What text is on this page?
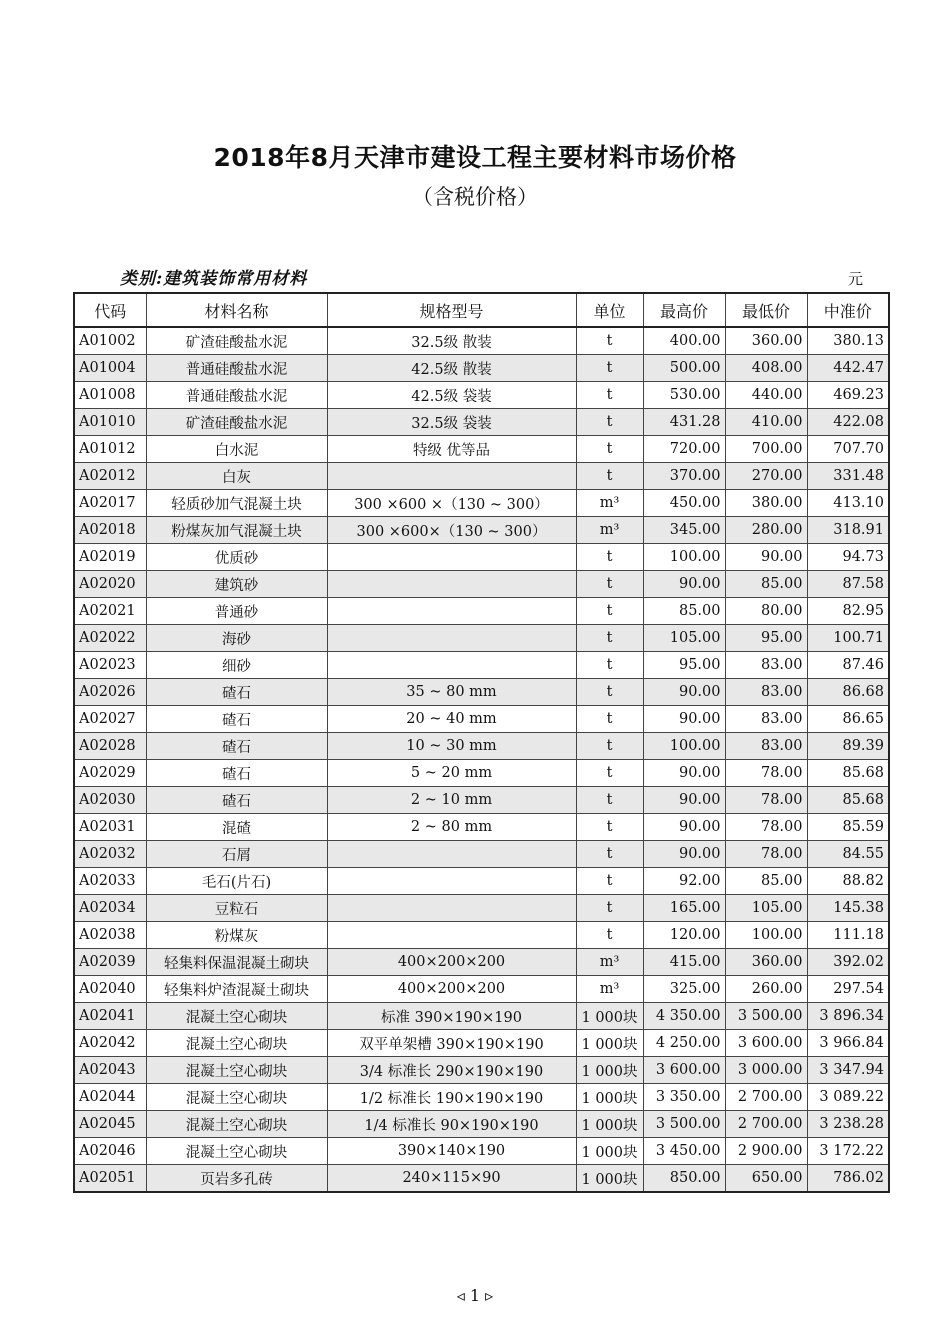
2018年8月天津市建设工程主要材料市场价格
（含税价格）
类别:建筑装饰常用材料	元
代码	材料名称	规格型号	单位	最高价	最低价	中准价
A01002	矿渣硅酸盐水泥	32.5级 散装	t	400.00	360.00	380.13
A01004	普通硅酸盐水泥	42.5级 散装	t	500.00	408.00	442.47
A01008	普通硅酸盐水泥	42.5级 袋装	t	530.00	440.00	469.23
A01010	矿渣硅酸盐水泥	32.5级 袋装	t	431.28	410.00	422.08
A01012	白水泥	特级 优等品	t	720.00	700.00	707.70
A02012	白灰		t	370.00	270.00	331.48
A02017	轻质砂加气混凝土块	300 ×600 ×（130 ~ 300）	m³	450.00	380.00	413.10
A02018	粉煤灰加气混凝土块	300 ×600×（130 ~ 300）	m³	345.00	280.00	318.91
A02019	优质砂		t	100.00	90.00	94.73
A02020	建筑砂		t	90.00	85.00	87.58
A02021	普通砂		t	85.00	80.00	82.95
A02022	海砂		t	105.00	95.00	100.71
A02023	细砂		t	95.00	83.00	87.46
A02026	碴石	35 ~ 80 mm	t	90.00	83.00	86.68
A02027	碴石	20 ~ 40 mm	t	90.00	83.00	86.65
A02028	碴石	10 ~ 30 mm	t	100.00	83.00	89.39
A02029	碴石	5 ~ 20 mm	t	90.00	78.00	85.68
A02030	碴石	2 ~ 10 mm	t	90.00	78.00	85.68
A02031	混碴	2 ~ 80 mm	t	90.00	78.00	85.59
A02032	石屑		t	90.00	78.00	84.55
A02033	毛石(片石)		t	92.00	85.00	88.82
A02034	豆粒石		t	165.00	105.00	145.38
A02038	粉煤灰		t	120.00	100.00	111.18
A02039	轻集料保温混凝土砌块	400×200×200	m³	415.00	360.00	392.02
A02040	轻集料炉渣混凝土砌块	400×200×200	m³	325.00	260.00	297.54
A02041	混凝土空心砌块	标准 390×190×190	1 000块	4 350.00	3 500.00	3 896.34
A02042	混凝土空心砌块	双平单架槽 390×190×190	1 000块	4 250.00	3 600.00	3 966.84
A02043	混凝土空心砌块	3/4 标准长 290×190×190	1 000块	3 600.00	3 000.00	3 347.94
A02044	混凝土空心砌块	1/2 标准长 190×190×190	1 000块	3 350.00	2 700.00	3 089.22
A02045	混凝土空心砌块	1/4 标准长 90×190×190	1 000块	3 500.00	2 700.00	3 238.28
A02046	混凝土空心砌块	390×140×190	1 000块	3 450.00	2 900.00	3 172.22
A02051	页岩多孔砖	240×115×90	1 000块	850.00	650.00	786.02
◃ 1 ▹
